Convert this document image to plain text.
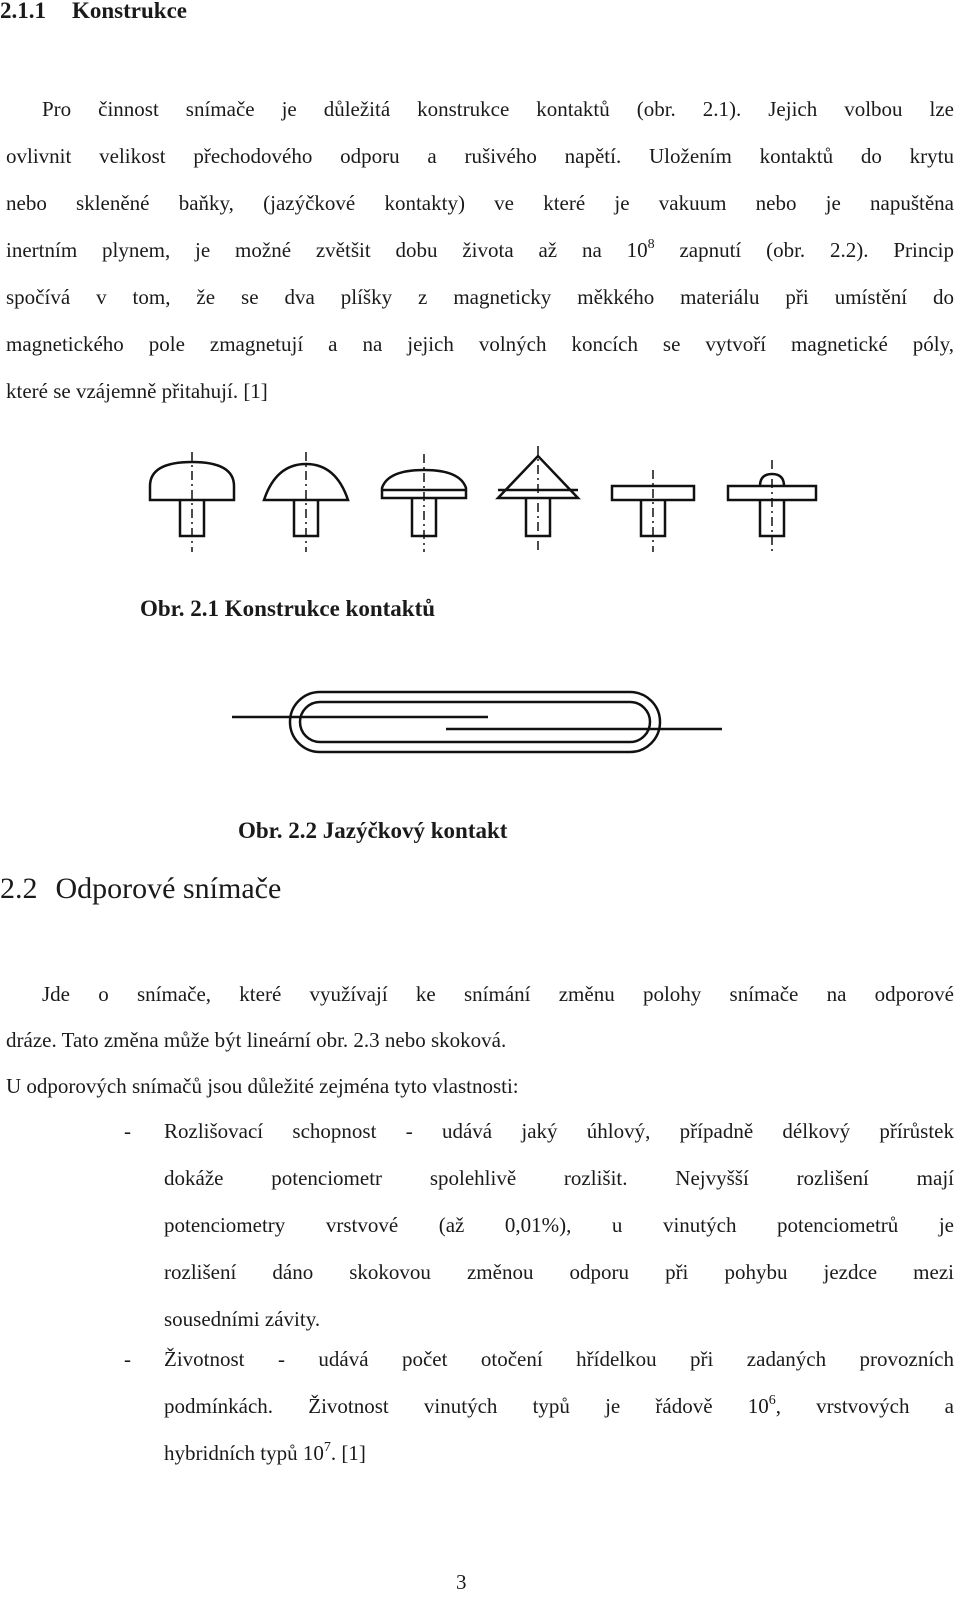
2.1.1 Konstrukce

Pro činnost snímače je důležitá konstrukce kontaktů (obr. 2.1). Jejich volbou lze

ovlivnit velikost přechodového odporu a rušivého napětí. Uložením kontaktů do krytu

nebo skleněné baňky, (jazýčkové kontakty) ve které je vakuum nebo je napuštěna

inertním plynem, je možné zvětšit dobu života až na $10^8$ zapnutí (obr. 2.2). Princip

spočívá v tom, že se dva plíšky z magneticky měkkého materiálu při umístění do

magnetického pole zmagnetují a na jejich volných koncích se vytvoří magnetické póly,

které se vzájemně přitahují. [1]

Obr. 2.1 Konstrukce kontaktů
Obr. 2.2 Jazýčkový kontakt
2.2 Odporové snímače

Jde o snímače, které využívají ke snímání změnu polohy snímače na odporové

dráze. Tato změna může být lineární obr. 2.3 nebo skoková.

U odporových snímačů jsou důležité zejména tyto vlastnosti:

- Rozlišovací schopnost - udává jaký úhlový, případně délkový přírůstek
dokáže potenciometr spolehlivě rozlišit. Nejvyšší rozlišení mají
potenciometry vrstvové (až 0,01%), u vinutých potenciometrů je
rozlišení dáno skokovou změnou odporu při pohybu jezdce mezi
sousedními závity.
- Životnost - udává počet otočení hřídelkou při zadaných provozních
podmínkách. Životnost vinutých typů je řádově $10^6$, vrstvových a
hybridních typů $10^7$. [1]
3
